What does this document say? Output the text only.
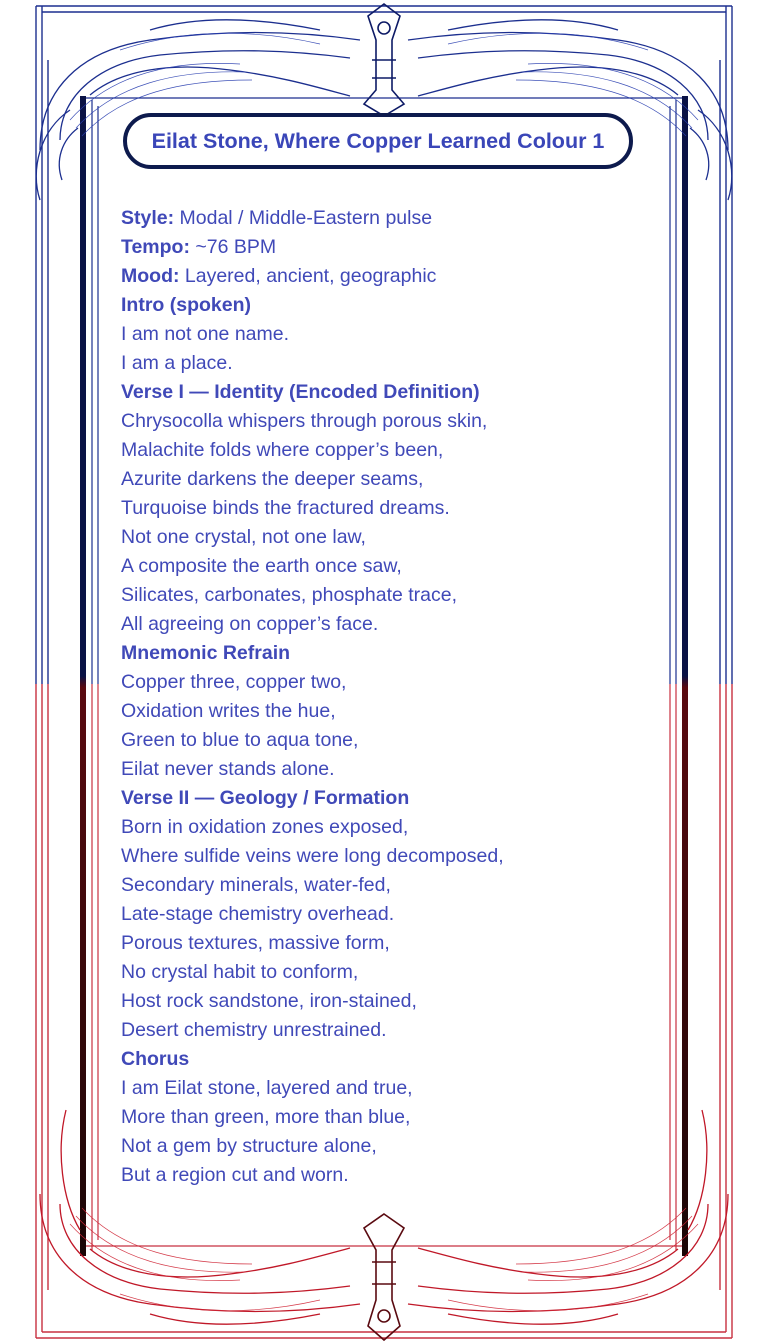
Eilat Stone, Where Copper Learned Colour 1
Style: Modal / Middle-Eastern pulse
Tempo: ~76 BPM
Mood: Layered, ancient, geographic
Intro (spoken)
I am not one name.
I am a place.
Verse I — Identity (Encoded Definition)
Chrysocolla whispers through porous skin,
Malachite folds where copper’s been,
Azurite darkens the deeper seams,
Turquoise binds the fractured dreams.
Not one crystal, not one law,
A composite the earth once saw,
Silicates, carbonates, phosphate trace,
All agreeing on copper’s face.
Mnemonic Refrain
Copper three, copper two,
Oxidation writes the hue,
Green to blue to aqua tone,
Eilat never stands alone.
Verse II — Geology / Formation
Born in oxidation zones exposed,
Where sulfide veins were long decomposed,
Secondary minerals, water-fed,
Late-stage chemistry overhead.
Porous textures, massive form,
No crystal habit to conform,
Host rock sandstone, iron-stained,
Desert chemistry unrestrained.
Chorus
I am Eilat stone, layered and true,
More than green, more than blue,
Not a gem by structure alone,
But a region cut and worn.
